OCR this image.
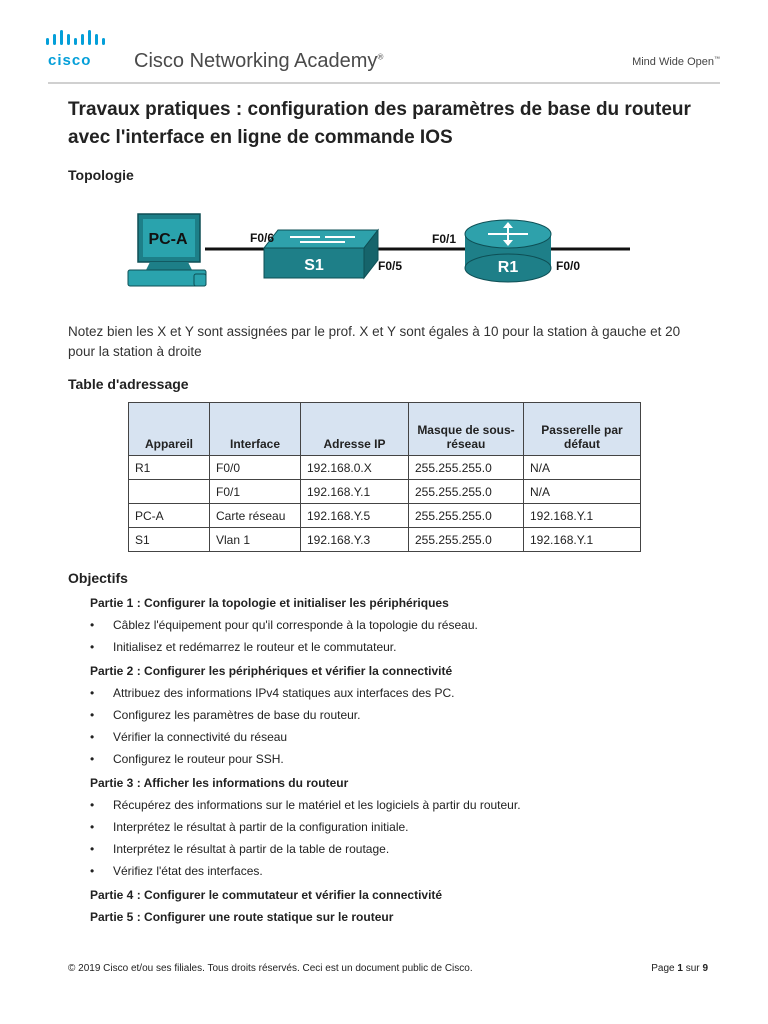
cisco Cisco Networking Academy®	Mind Wide Open™
Travaux pratiques : configuration des paramètres de base du routeur avec l'interface en ligne de commande IOS
Topologie
PC-A
S1	R1
F0/6
F0/5
F0/1
F0/0
Notez bien les X et Y sont assignées par le prof. X et Y sont égales à 10 pour la station à gauche et 20 pour la station à droite
Table d'adressage
Appareil	Interface	Adresse IP	Masque de sous-réseau	Passerelle par défaut
R1	F0/0	192.168.0.X	255.255.255.0	N/A
	F0/1	192.168.Y.1	255.255.255.0	N/A
PC-A	Carte réseau	192.168.Y.5	255.255.255.0	192.168.Y.1
S1	Vlan 1	192.168.Y.3	255.255.255.0	192.168.Y.1
Objectifs
Partie 1 : Configurer la topologie et initialiser les périphériques
• Câblez l'équipement pour qu'il corresponde à la topologie du réseau.
• Initialisez et redémarrez le routeur et le commutateur.
Partie 2 : Configurer les périphériques et vérifier la connectivité
• Attribuez des informations IPv4 statiques aux interfaces des PC.
• Configurez les paramètres de base du routeur.
• Vérifier la connectivité du réseau
• Configurez le routeur pour SSH.
Partie 3 : Afficher les informations du routeur
• Récupérez des informations sur le matériel et les logiciels à partir du routeur.
• Interprétez le résultat à partir de la configuration initiale.
• Interprétez le résultat à partir de la table de routage.
• Vérifiez l'état des interfaces.
Partie 4 : Configurer le commutateur et vérifier la connectivité
Partie 5 : Configurer une route statique sur le routeur
© 2019 Cisco et/ou ses filiales. Tous droits réservés. Ceci est un document public de Cisco.	Page 1 sur 9
